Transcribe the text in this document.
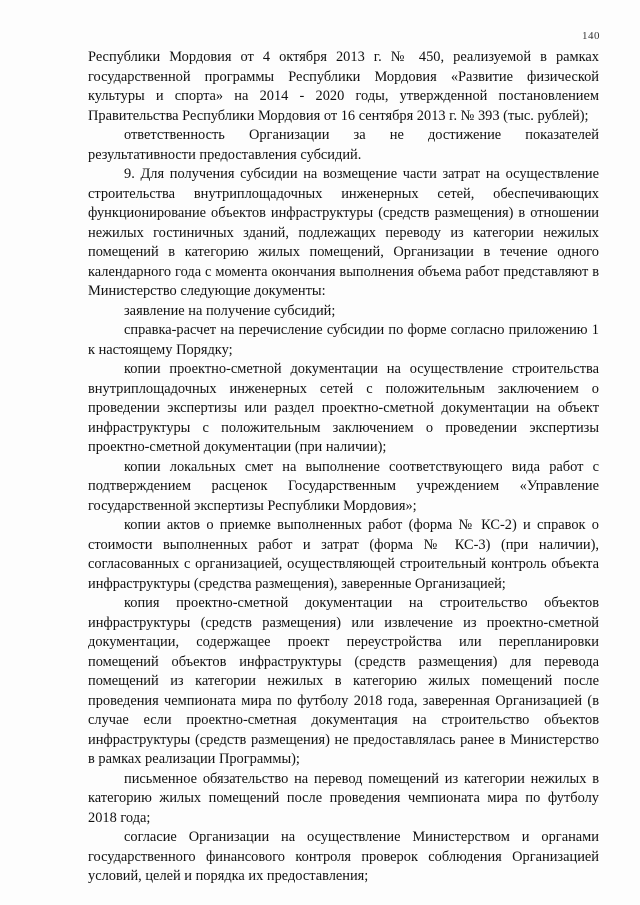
140

Республики Мордовия от 4 октября 2013 г. № 450, реализуемой в рамках государственной программы Республики Мордовия «Развитие физической культуры и спорта» на 2014 - 2020 годы, утвержденной постановлением Правительства Республики Мордовия от 16 сентября 2013 г. № 393 (тыс. рублей);

ответственность Организации за не достижение показателей результативности предоставления субсидий.

9. Для получения субсидии на возмещение части затрат на осуществление строительства внутриплощадочных инженерных сетей, обеспечивающих функционирование объектов инфраструктуры (средств размещения) в отношении нежилых гостиничных зданий, подлежащих переводу из категории нежилых помещений в категорию жилых помещений, Организации в течение одного календарного года с момента окончания выполнения объема работ представляют в Министерство следующие документы:

заявление на получение субсидий;

справка-расчет на перечисление субсидии по форме согласно приложению 1 к настоящему Порядку;

копии проектно-сметной документации на осуществление строительства внутриплощадочных инженерных сетей с положительным заключением о проведении экспертизы или раздел проектно-сметной документации на объект инфраструктуры с положительным заключением о проведении экспертизы проектно-сметной документации (при наличии);

копии локальных смет на выполнение соответствующего вида работ с подтверждением расценок Государственным учреждением «Управление государственной экспертизы Республики Мордовия»;

копии актов о приемке выполненных работ (форма № КС-2) и справок о стоимости выполненных работ и затрат (форма № КС-3) (при наличии), согласованных с организацией, осуществляющей строительный контроль объекта инфраструктуры (средства размещения), заверенные Организацией;

копия проектно-сметной документации на строительство объектов инфраструктуры (средств размещения) или извлечение из проектно-сметной документации, содержащее проект переустройства или перепланировки помещений объектов инфраструктуры (средств размещения) для перевода помещений из категории нежилых в категорию жилых помещений после проведения чемпионата мира по футболу 2018 года, заверенная Организацией (в случае если проектно-сметная документация на строительство объектов инфраструктуры (средств размещения) не предоставлялась ранее в Министерство в рамках реализации Программы);

письменное обязательство на перевод помещений из категории нежилых в категорию жилых помещений после проведения чемпионата мира по футболу 2018 года;

согласие Организации на осуществление Министерством и органами государственного финансового контроля проверок соблюдения Организацией условий, целей и порядка их предоставления;
